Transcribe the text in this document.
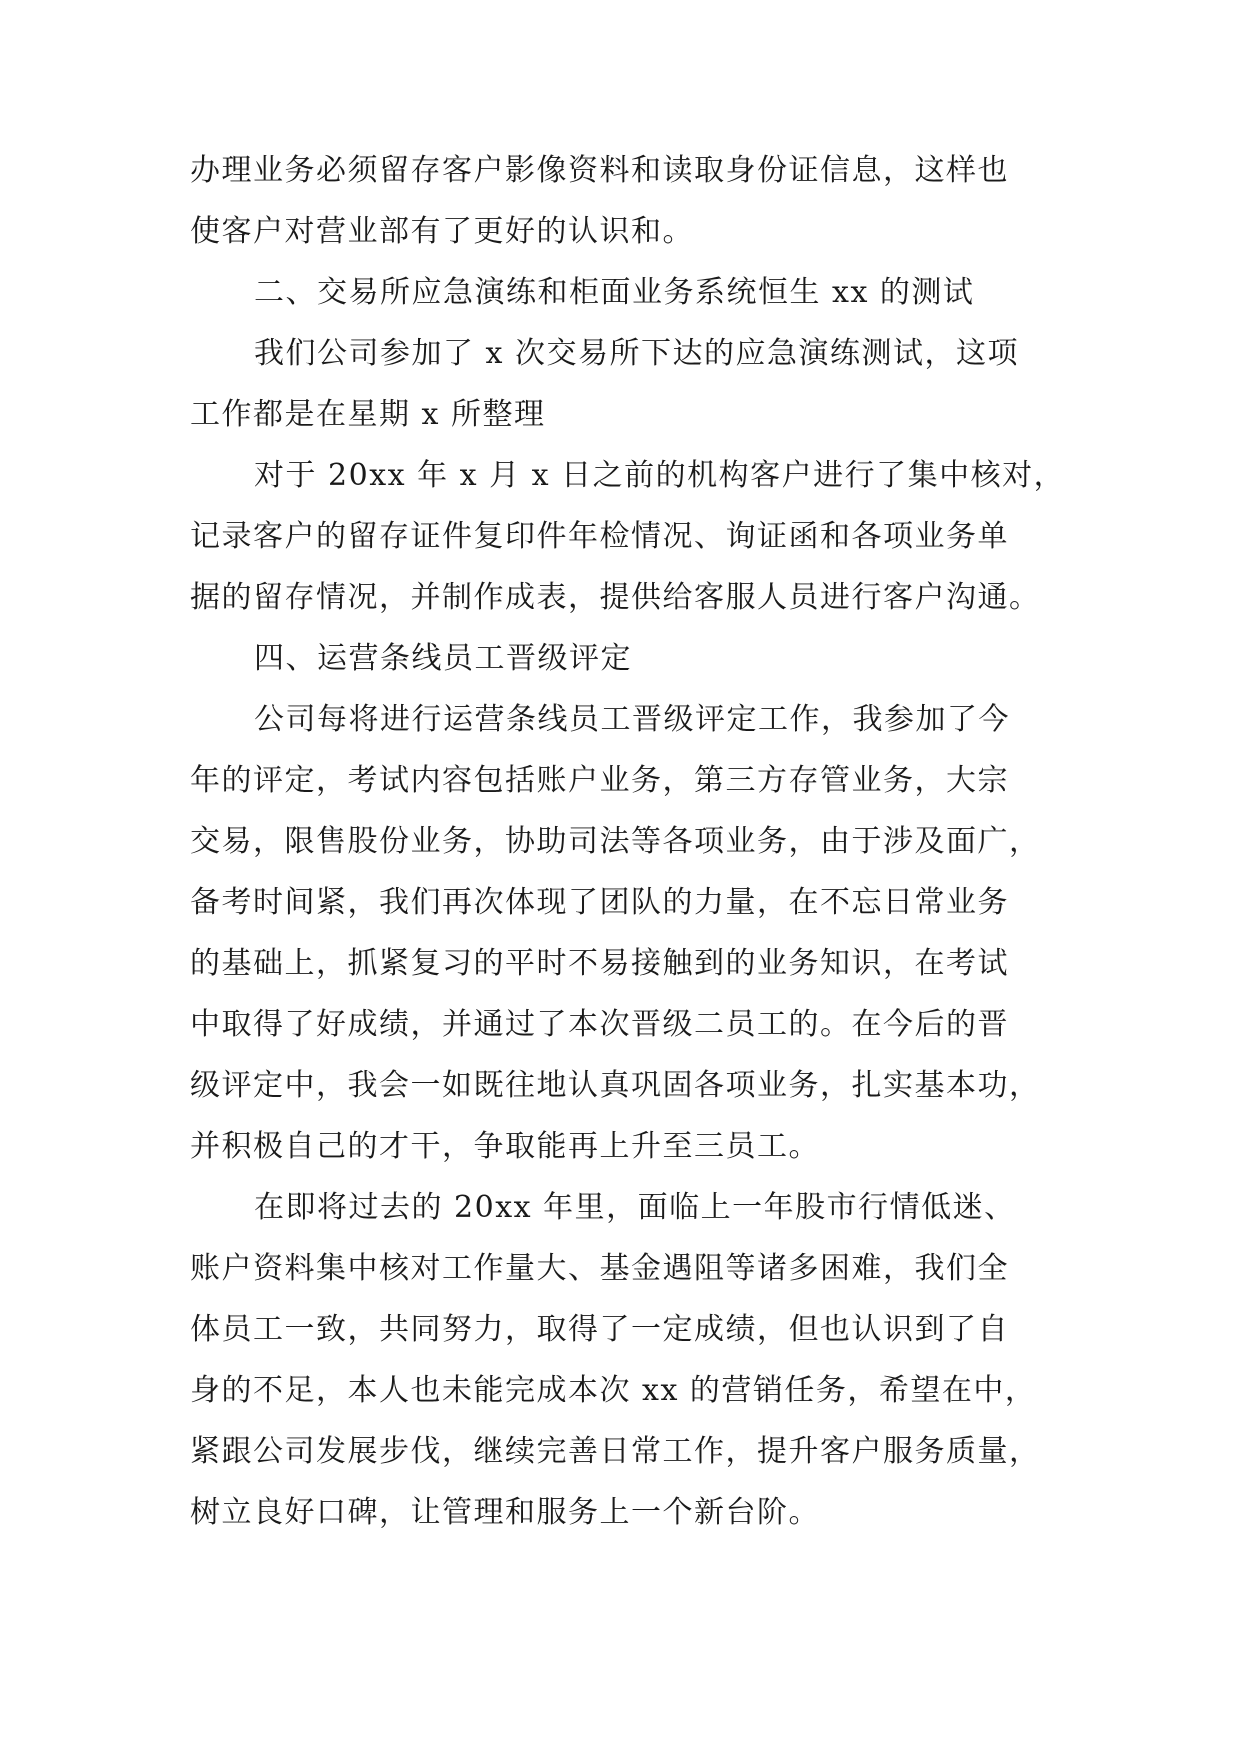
办理业务必须留存客户影像资料和读取身份证信息，这样也
使客户对营业部有了更好的认识和。
二、交易所应急演练和柜面业务系统恒生 xx 的测试
我们公司参加了 x 次交易所下达的应急演练测试，这项
工作都是在星期 x 所整理
对于 20xx 年 x 月 x 日之前的机构客户进行了集中核对，
记录客户的留存证件复印件年检情况、询证函和各项业务单
据的留存情况，并制作成表，提供给客服人员进行客户沟通。
四、运营条线员工晋级评定
公司每将进行运营条线员工晋级评定工作，我参加了今
年的评定，考试内容包括账户业务，第三方存管业务，大宗
交易，限售股份业务，协助司法等各项业务，由于涉及面广，
备考时间紧，我们再次体现了团队的力量，在不忘日常业务
的基础上，抓紧复习的平时不易接触到的业务知识，在考试
中取得了好成绩，并通过了本次晋级二员工的。在今后的晋
级评定中，我会一如既往地认真巩固各项业务，扎实基本功，
并积极自己的才干，争取能再上升至三员工。
在即将过去的 20xx 年里，面临上一年股市行情低迷、
账户资料集中核对工作量大、基金遇阻等诸多困难，我们全
体员工一致，共同努力，取得了一定成绩，但也认识到了自
身的不足，本人也未能完成本次 xx 的营销任务，希望在中，
紧跟公司发展步伐，继续完善日常工作，提升客户服务质量，
树立良好口碑，让管理和服务上一个新台阶。
